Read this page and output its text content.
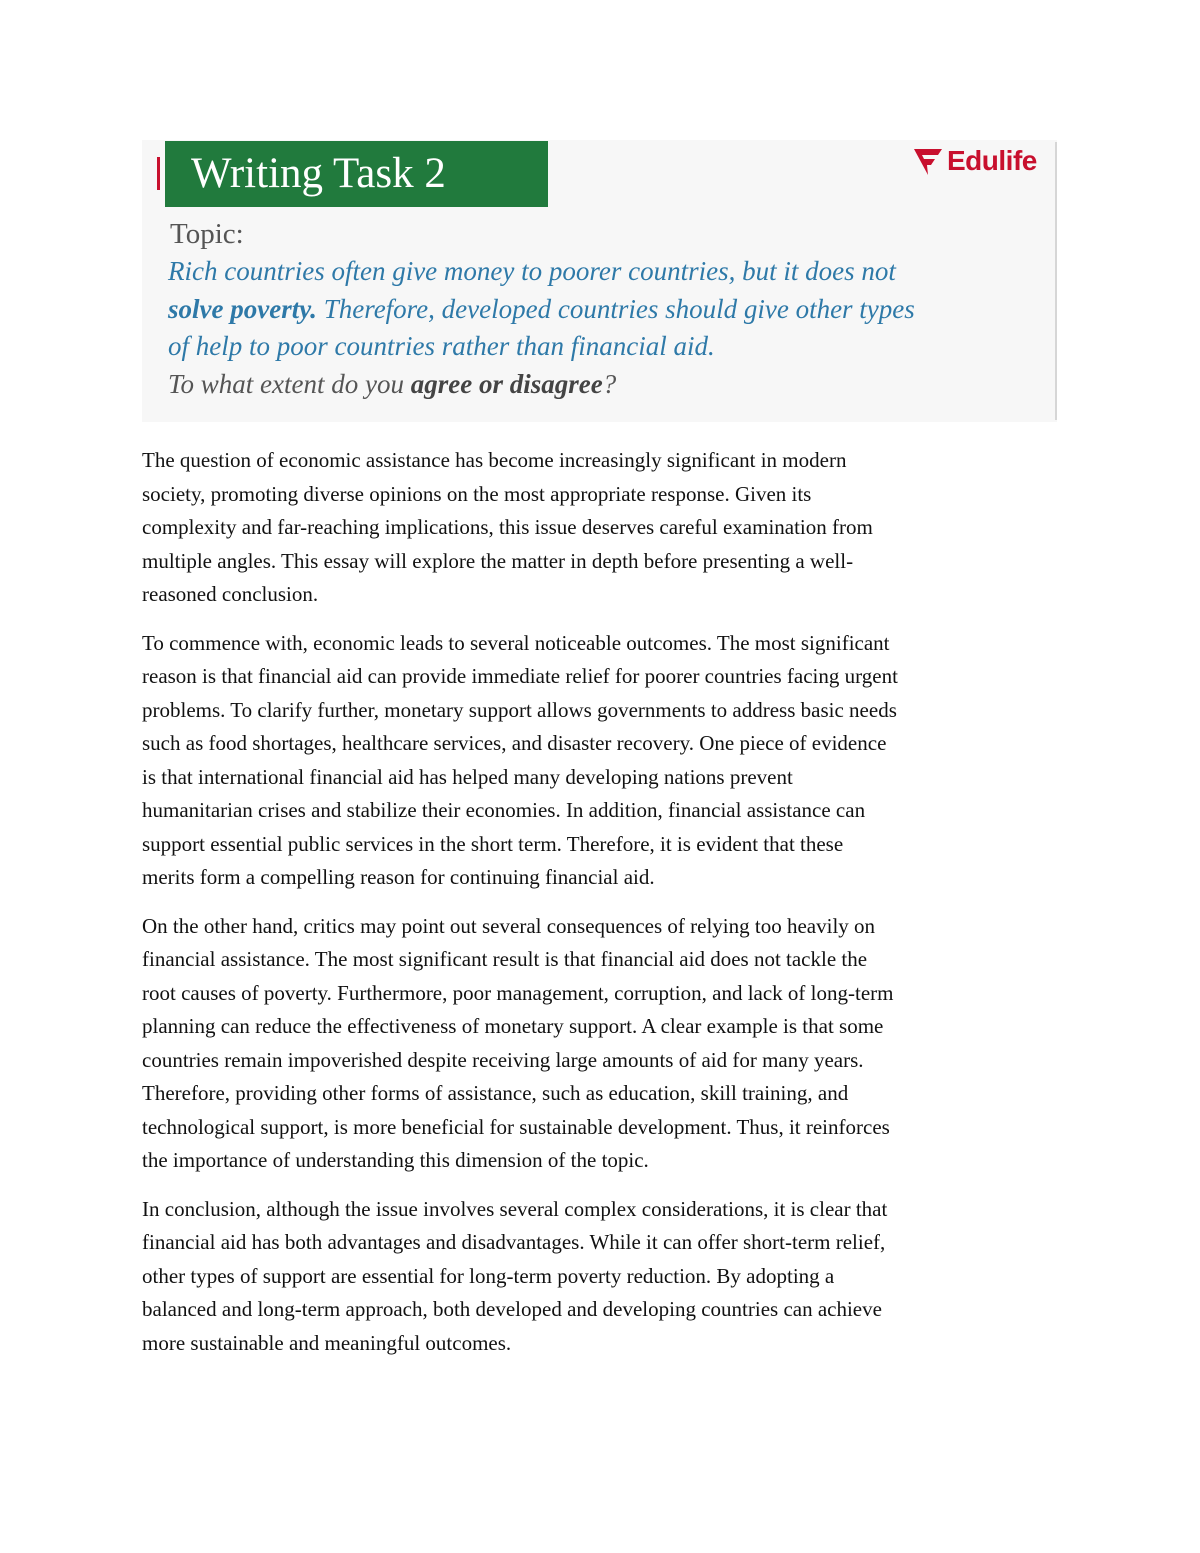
Writing Task 2	Edulife
Topic:
Rich countries often give money to poorer countries, but it does not
solve poverty. Therefore, developed countries should give other types
of help to poor countries rather than financial aid.
To what extent do you agree or disagree?

The question of economic assistance has become increasingly significant in modern
society, promoting diverse opinions on the most appropriate response. Given its
complexity and far-reaching implications, this issue deserves careful examination from
multiple angles. This essay will explore the matter in depth before presenting a well-
reasoned conclusion.

To commence with, economic leads to several noticeable outcomes. The most significant
reason is that financial aid can provide immediate relief for poorer countries facing urgent
problems. To clarify further, monetary support allows governments to address basic needs
such as food shortages, healthcare services, and disaster recovery. One piece of evidence
is that international financial aid has helped many developing nations prevent
humanitarian crises and stabilize their economies. In addition, financial assistance can
support essential public services in the short term. Therefore, it is evident that these
merits form a compelling reason for continuing financial aid.

On the other hand, critics may point out several consequences of relying too heavily on
financial assistance. The most significant result is that financial aid does not tackle the
root causes of poverty. Furthermore, poor management, corruption, and lack of long-term
planning can reduce the effectiveness of monetary support. A clear example is that some
countries remain impoverished despite receiving large amounts of aid for many years.
Therefore, providing other forms of assistance, such as education, skill training, and
technological support, is more beneficial for sustainable development. Thus, it reinforces
the importance of understanding this dimension of the topic.

In conclusion, although the issue involves several complex considerations, it is clear that
financial aid has both advantages and disadvantages. While it can offer short-term relief,
other types of support are essential for long-term poverty reduction. By adopting a
balanced and long-term approach, both developed and developing countries can achieve
more sustainable and meaningful outcomes.
